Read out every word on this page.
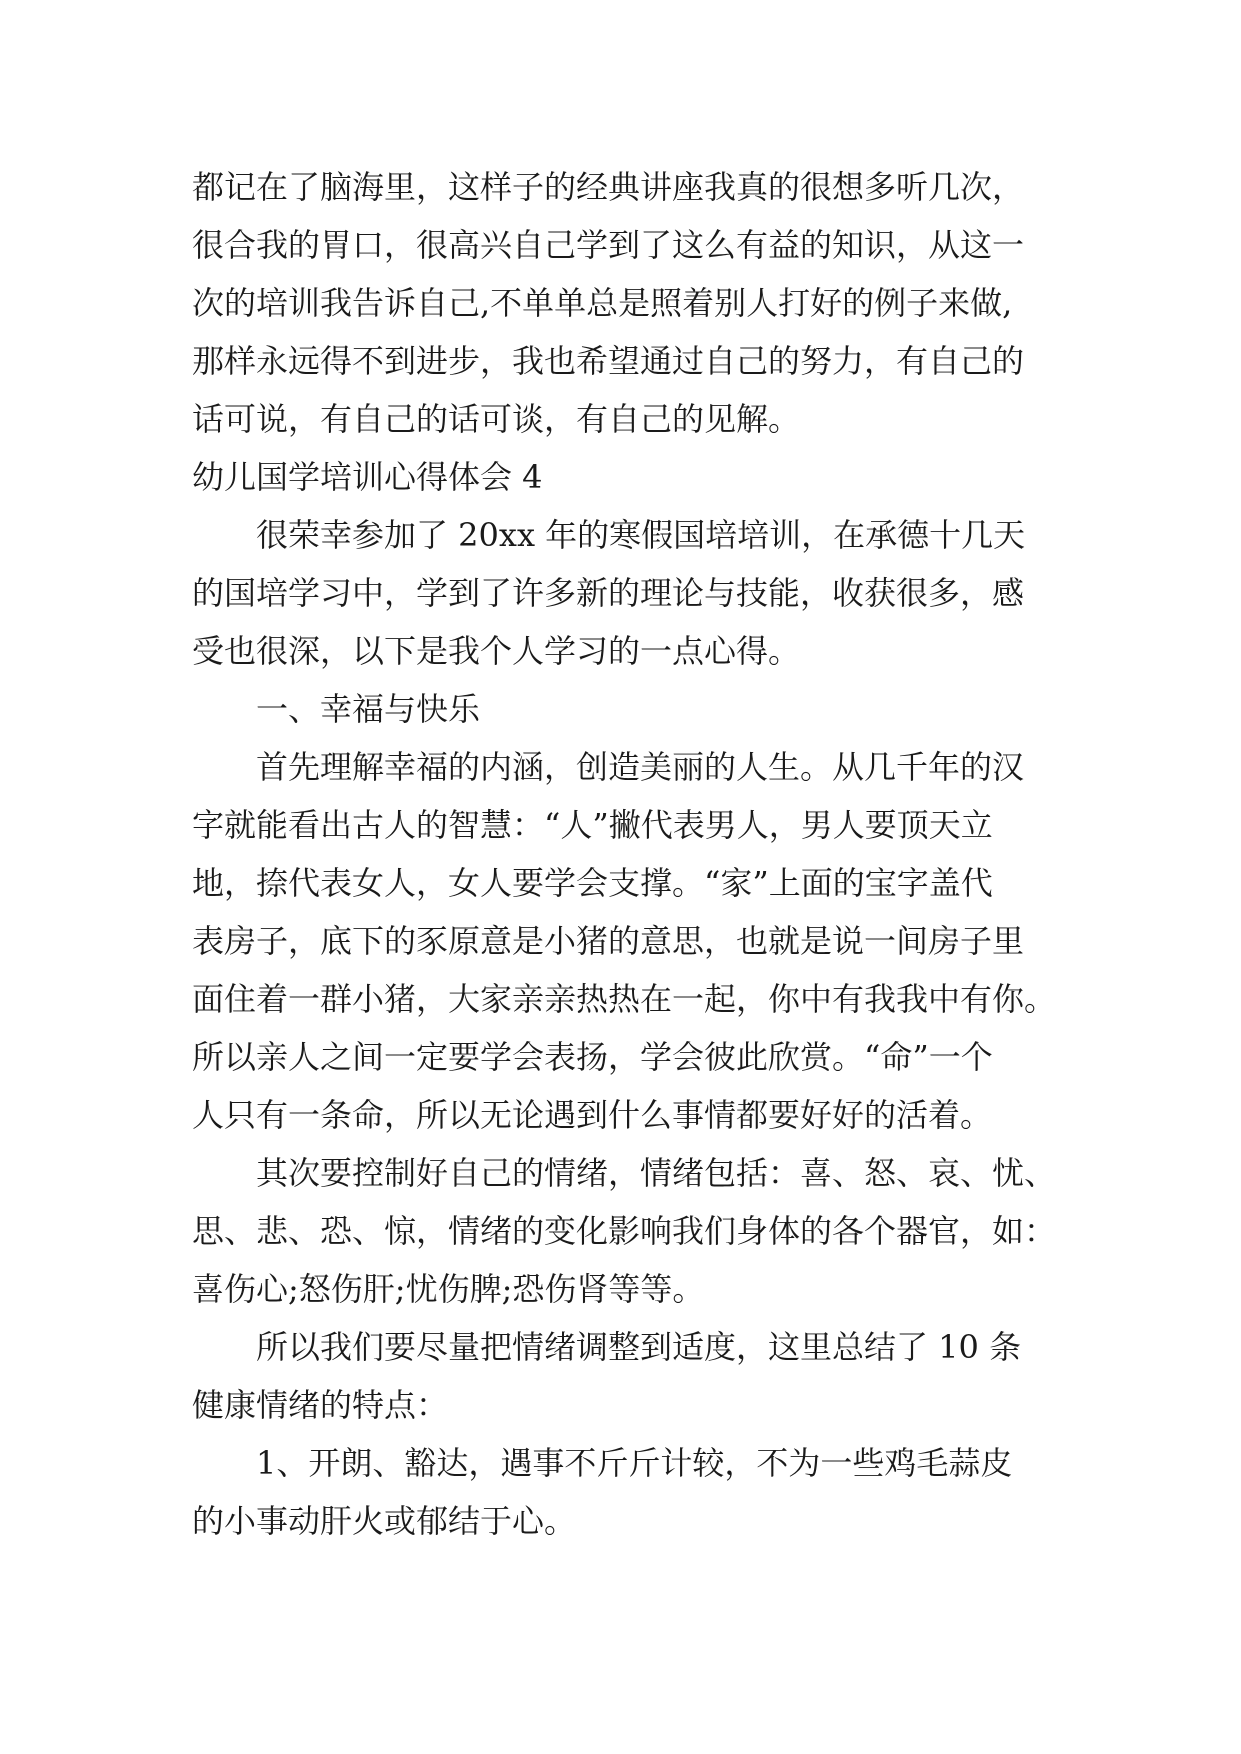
都记在了脑海里，这样子的经典讲座我真的很想多听几次，

很合我的胃口，很高兴自己学到了这么有益的知识，从这一

次的培训我告诉自己,不单单总是照着别人打好的例子来做,

那样永远得不到进步，我也希望通过自己的努力，有自己的

话可说，有自己的话可谈，有自己的见解。

幼儿国学培训心得体会 4

很荣幸参加了 20xx 年的寒假国培培训，在承德十几天

的国培学习中，学到了许多新的理论与技能，收获很多，感

受也很深，以下是我个人学习的一点心得。

一、幸福与快乐

首先理解幸福的内涵，创造美丽的人生。从几千年的汉

字就能看出古人的智慧：“人”撇代表男人，男人要顶天立

地，捺代表女人，女人要学会支撑。“家”上面的宝字盖代

表房子，底下的豕原意是小猪的意思，也就是说一间房子里

面住着一群小猪，大家亲亲热热在一起，你中有我我中有你。

所以亲人之间一定要学会表扬，学会彼此欣赏。“命”一个

人只有一条命，所以无论遇到什么事情都要好好的活着。

其次要控制好自己的情绪，情绪包括：喜、怒、哀、忧、

思、悲、恐、惊，情绪的变化影响我们身体的各个器官，如：

喜伤心;怒伤肝;忧伤脾;恐伤肾等等。

所以我们要尽量把情绪调整到适度，这里总结了 10 条

健康情绪的特点：

1、开朗、豁达，遇事不斤斤计较，不为一些鸡毛蒜皮

的小事动肝火或郁结于心。
